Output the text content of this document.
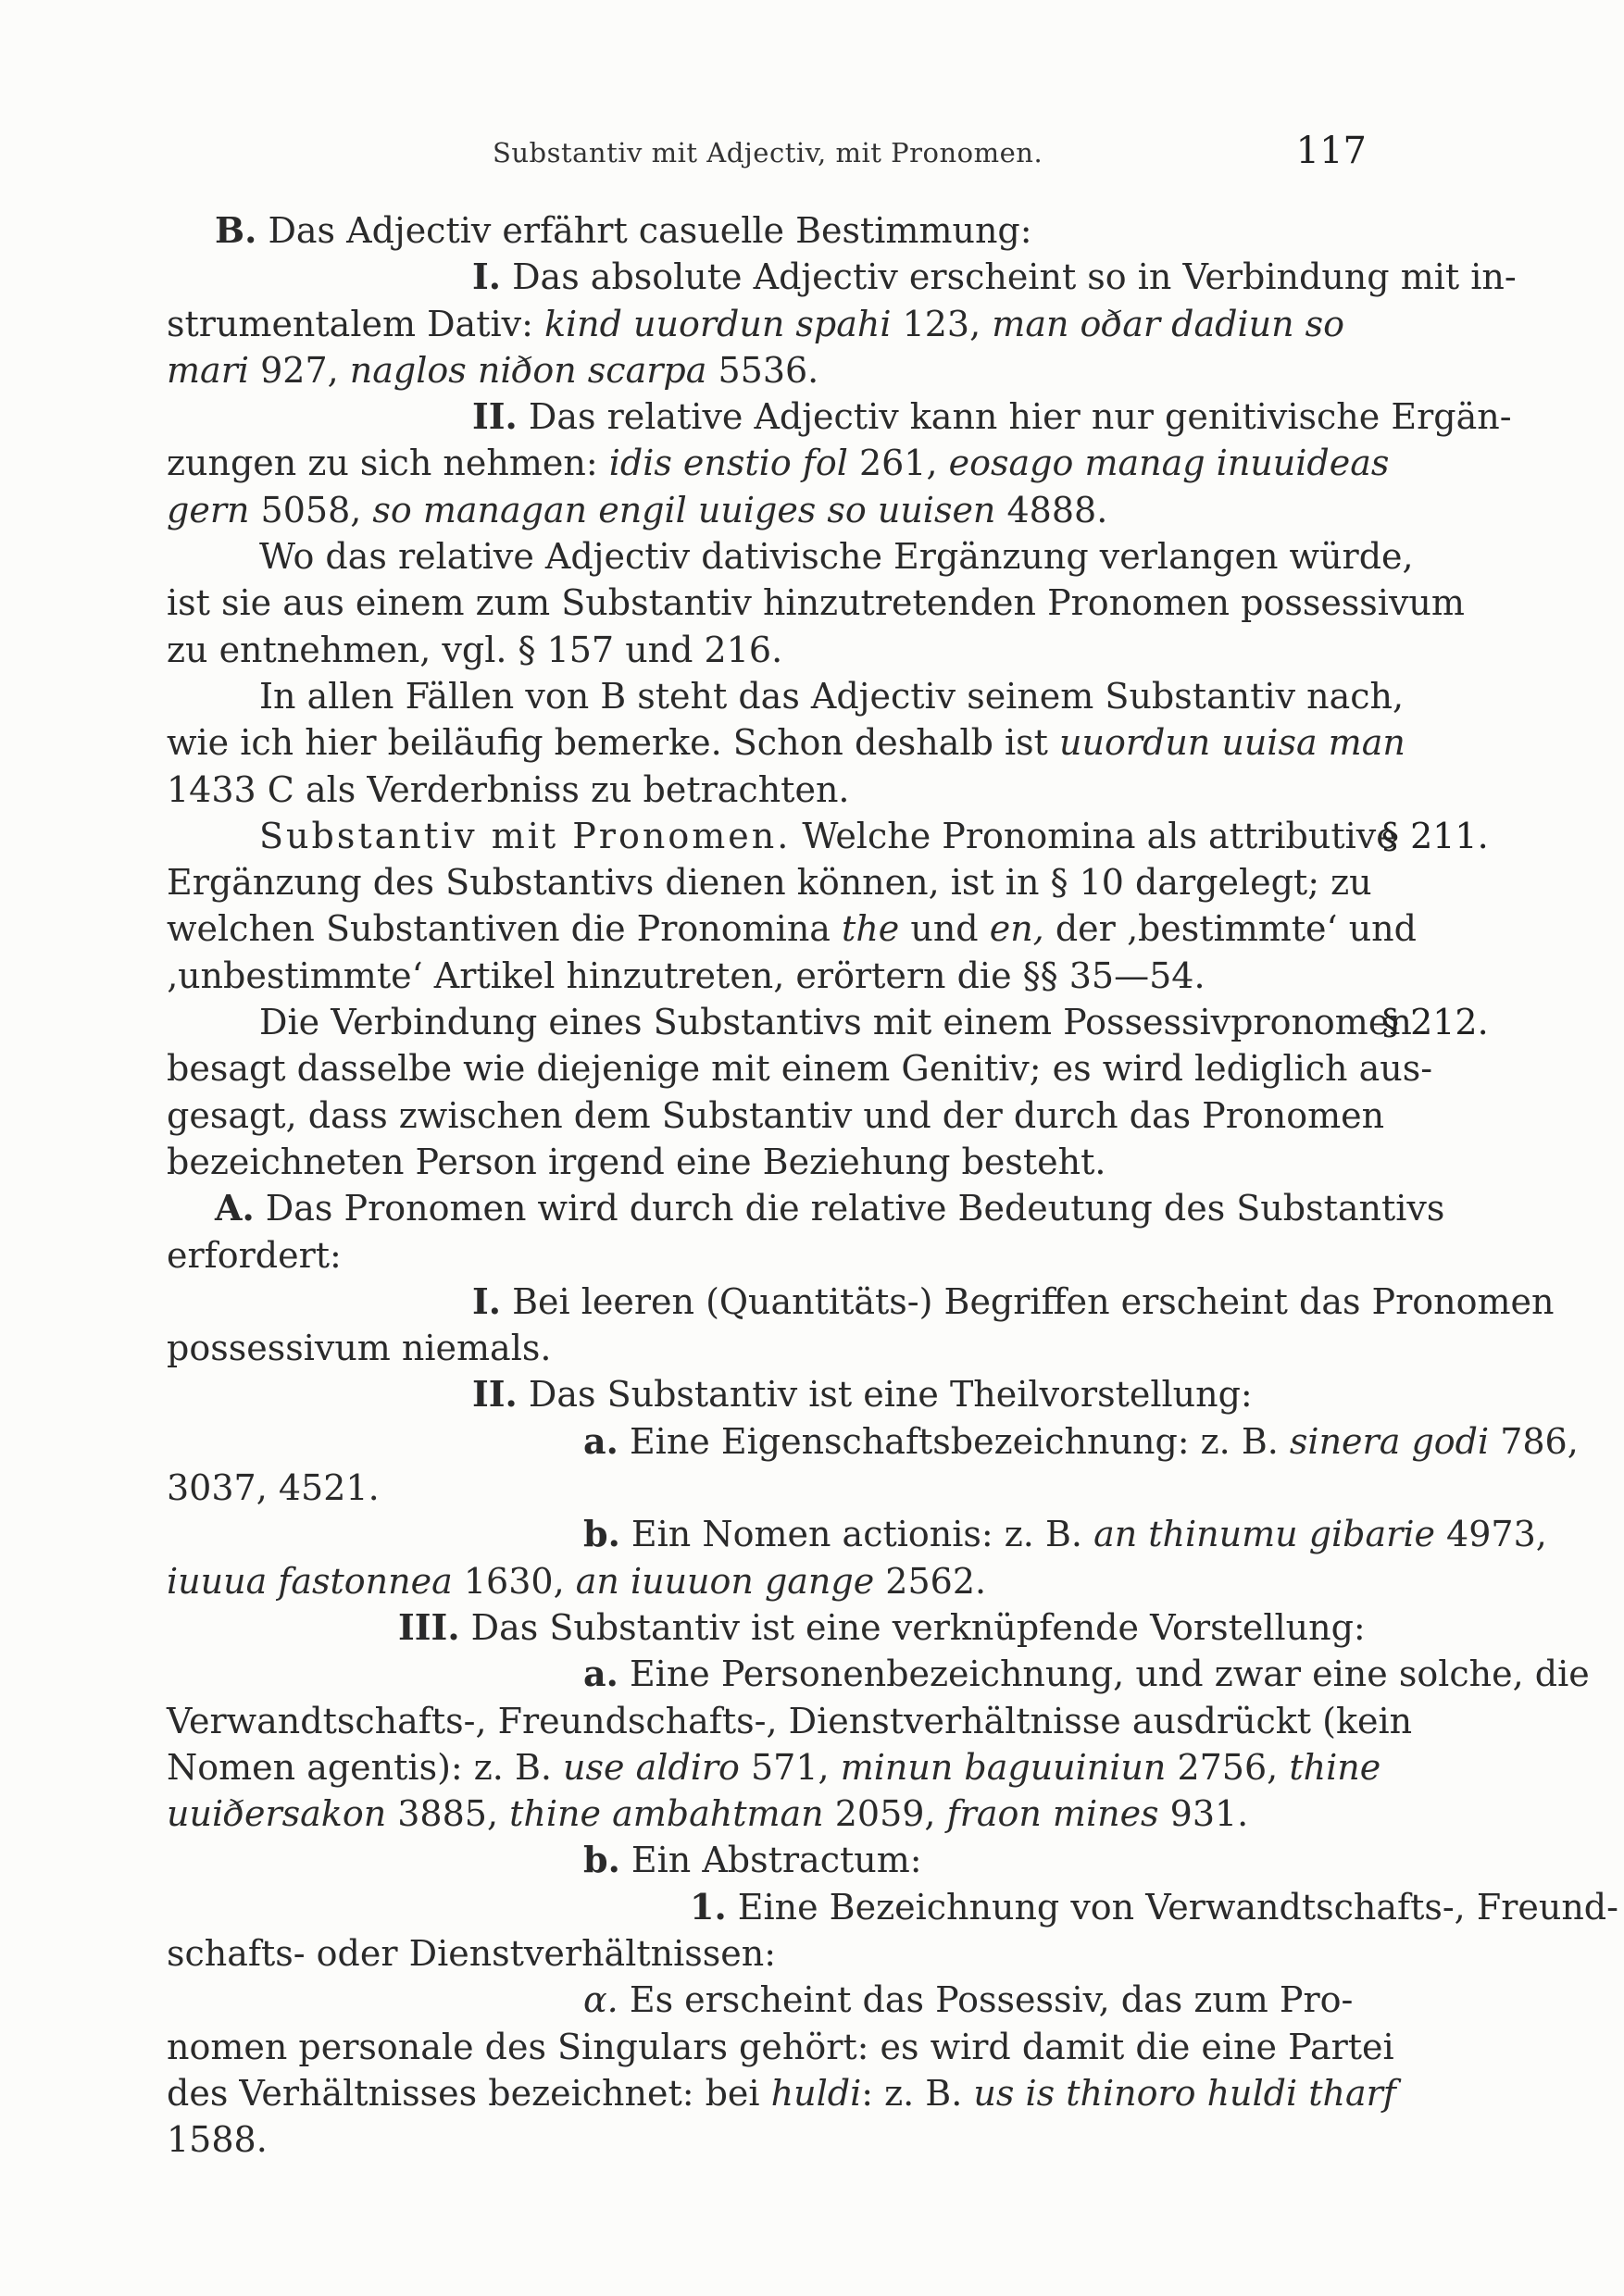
Substantiv mit Adjectiv, mit Pronomen.	117
B. Das Adjectiv erfährt casuelle Bestimmung:
I. Das absolute Adjectiv erscheint so in Verbindung mit in-
strumentalem Dativ: kind uuordun spahi 123, man oðar dadiun so
mari 927, naglos niðon scarpa 5536.
II. Das relative Adjectiv kann hier nur genitivische Ergän-
zungen zu sich nehmen: idis enstio fol 261, eosago manag inuuideas
gern 5058, so managan engil uuiges so uuisen 4888.
Wo das relative Adjectiv dativische Ergänzung verlangen würde,
ist sie aus einem zum Substantiv hinzutretenden Pronomen possessivum
zu entnehmen, vgl. § 157 und 216.
In allen Fällen von B steht das Adjectiv seinem Substantiv nach,
wie ich hier beiläufig bemerke. Schon deshalb ist uuordun uuisa man
1433 C als Verderbniss zu betrachten.
Substantiv mit Pronomen. Welche Pronomina als attributive
§ 211.
Ergänzung des Substantivs dienen können, ist in § 10 dargelegt; zu
welchen Substantiven die Pronomina the und en, der ‚bestimmte‘ und
‚unbestimmte‘ Artikel hinzutreten, erörtern die §§ 35—54.
Die Verbindung eines Substantivs mit einem Possessivpronomen
§ 212.
besagt dasselbe wie diejenige mit einem Genitiv; es wird lediglich aus-
gesagt, dass zwischen dem Substantiv und der durch das Pronomen
bezeichneten Person irgend eine Beziehung besteht.
A. Das Pronomen wird durch die relative Bedeutung des Substantivs
erfordert:
I. Bei leeren (Quantitäts-) Begriffen erscheint das Pronomen
possessivum niemals.
II. Das Substantiv ist eine Theilvorstellung:
a. Eine Eigenschaftsbezeichnung: z. B. sinera godi 786,
3037, 4521.
b. Ein Nomen actionis: z. B. an thinumu gibarie 4973,
iuuua fastonnea 1630, an iuuuon gange 2562.
III. Das Substantiv ist eine verknüpfende Vorstellung:
a. Eine Personenbezeichnung, und zwar eine solche, die
Verwandtschafts-, Freundschafts-, Dienstverhältnisse ausdrückt (kein
Nomen agentis): z. B. use aldiro 571, minun baguuiniun 2756, thine
uuiðersakon 3885, thine ambahtman 2059, fraon mines 931.
b. Ein Abstractum:
1. Eine Bezeichnung von Verwandtschafts-, Freund-
schafts- oder Dienstverhältnissen:
α. Es erscheint das Possessiv, das zum Pro-
nomen personale des Singulars gehört: es wird damit die eine Partei
des Verhältnisses bezeichnet: bei huldi: z. B. us is thinoro huldi tharf
1588.
